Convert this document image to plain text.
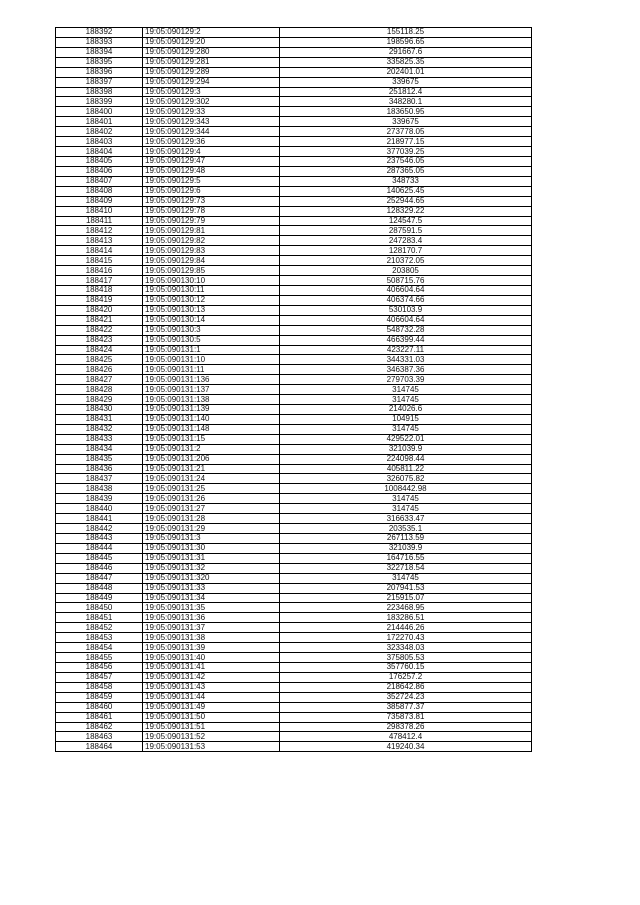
188392	19:05:090129:2	155118.25
188393	19:05:090129:20	198596.65
188394	19:05:090129:280	291667.6
188395	19:05:090129:281	335825.35
188396	19:05:090129:289	202401.01
188397	19:05:090129:294	339675
188398	19:05:090129:3	251812.4
188399	19:05:090129:302	348280.1
188400	19:05:090129:33	183650.95
188401	19:05:090129:343	339675
188402	19:05:090129:344	273778.05
188403	19:05:090129:36	218977.15
188404	19:05:090129:4	377039.25
188405	19:05:090129:47	237546.05
188406	19:05:090129:48	287365.05
188407	19:05:090129:5	348733
188408	19:05:090129:6	140625.45
188409	19:05:090129:73	252944.65
188410	19:05:090129:78	128329.22
188411	19:05:090129:79	124547.5
188412	19:05:090129:81	287591.5
188413	19:05:090129:82	247283.4
188414	19:05:090129:83	128170.7
188415	19:05:090129:84	210372.05
188416	19:05:090129:85	203805
188417	19:05:090130:10	508715.76
188418	19:05:090130:11	406604.64
188419	19:05:090130:12	406374.66
188420	19:05:090130:13	530103.9
188421	19:05:090130:14	406604.64
188422	19:05:090130:3	548732.28
188423	19:05:090130:5	466399.44
188424	19:05:090131:1	423227.11
188425	19:05:090131:10	344331.03
188426	19:05:090131:11	346387.36
188427	19:05:090131:136	279703.39
188428	19:05:090131:137	314745
188429	19:05:090131:138	314745
188430	19:05:090131:139	214026.6
188431	19:05:090131:140	104915
188432	19:05:090131:148	314745
188433	19:05:090131:15	429522.01
188434	19:05:090131:2	321039.9
188435	19:05:090131:206	224098.44
188436	19:05:090131:21	405811.22
188437	19:05:090131:24	326075.82
188438	19:05:090131:25	1008442.98
188439	19:05:090131:26	314745
188440	19:05:090131:27	314745
188441	19:05:090131:28	316633.47
188442	19:05:090131:29	203535.1
188443	19:05:090131:3	267113.59
188444	19:05:090131:30	321039.9
188445	19:05:090131:31	164716.55
188446	19:05:090131:32	322718.54
188447	19:05:090131:320	314745
188448	19:05:090131:33	207941.53
188449	19:05:090131:34	215915.07
188450	19:05:090131:35	223468.95
188451	19:05:090131:36	183286.51
188452	19:05:090131:37	214446.26
188453	19:05:090131:38	172270.43
188454	19:05:090131:39	323348.03
188455	19:05:090131:40	375805.53
188456	19:05:090131:41	357760.15
188457	19:05:090131:42	176257.2
188458	19:05:090131:43	218642.86
188459	19:05:090131:44	352724.23
188460	19:05:090131:49	385877.37
188461	19:05:090131:50	735873.81
188462	19:05:090131:51	298378.26
188463	19:05:090131:52	478412.4
188464	19:05:090131:53	419240.34
